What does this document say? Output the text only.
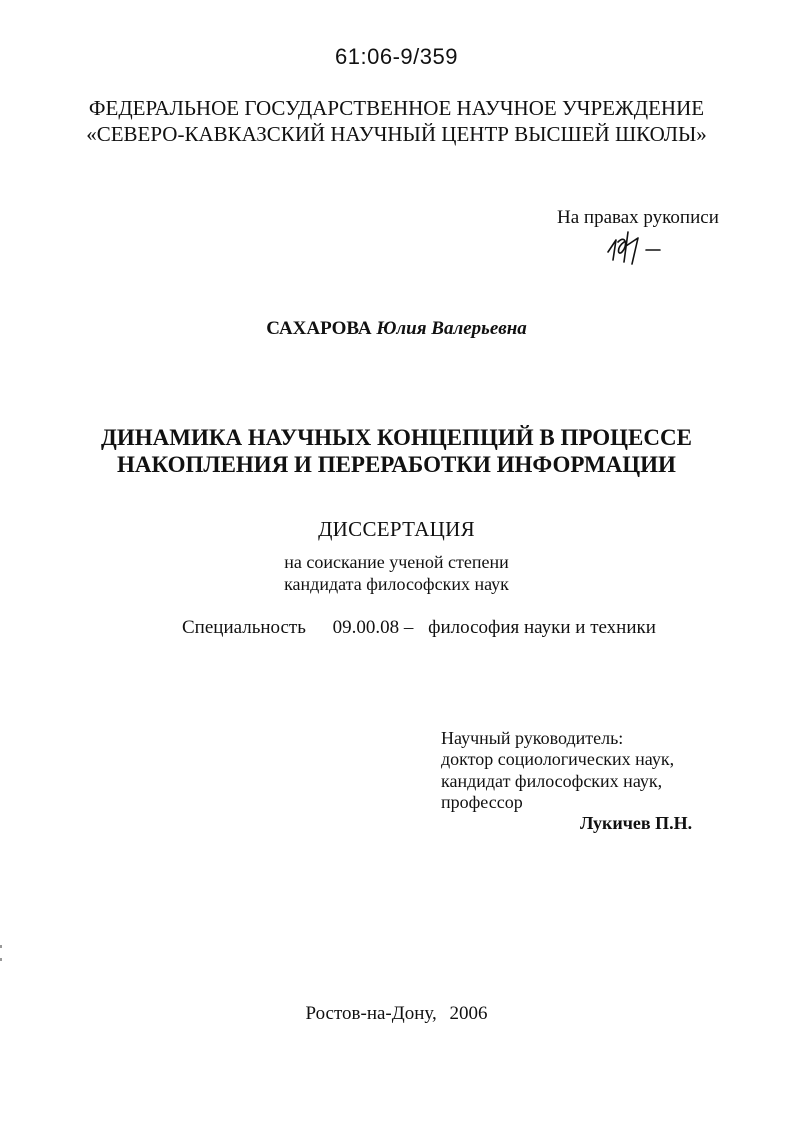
61:06-9/359
ФЕДЕРАЛЬНОЕ ГОСУДАРСТВЕННОЕ НАУЧНОЕ УЧРЕЖДЕНИЕ
«СЕВЕРО-КАВКАЗСКИЙ НАУЧНЫЙ ЦЕНТР ВЫСШЕЙ ШКОЛЫ»
На правах рукописи
САХАРОВА Юлия Валерьевна
ДИНАМИКА НАУЧНЫХ КОНЦЕПЦИЙ В ПРОЦЕССЕ
НАКОПЛЕНИЯ И ПЕРЕРАБОТКИ ИНФОРМАЦИИ
ДИССЕРТАЦИЯ
на соискание ученой степени
кандидата философских наук
Специальность 09.00.08 – философия науки и техники
Научный руководитель:
доктор социологических наук,
кандидат философских наук,
профессор
Лукичев П.Н.
Ростов-на-Дону, 2006
